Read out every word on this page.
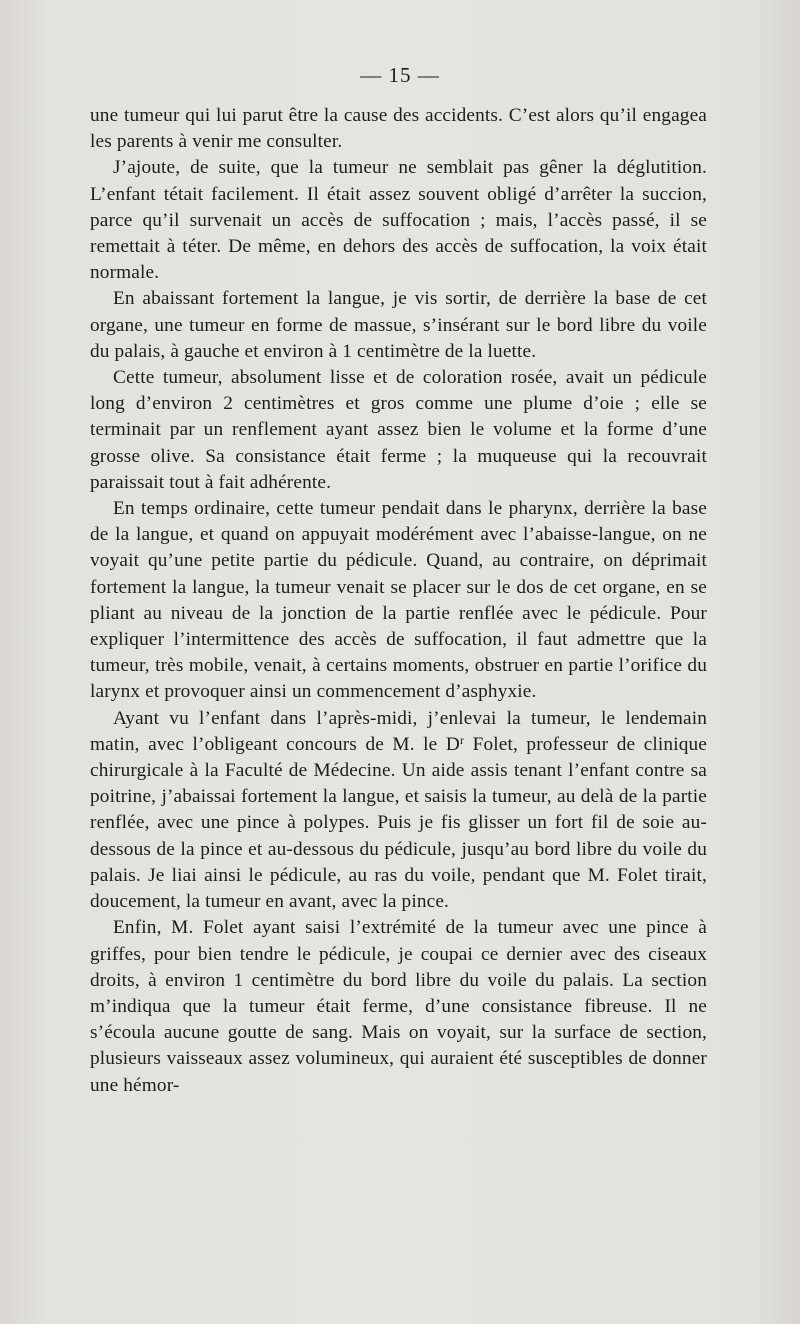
— 15 —

une tumeur qui lui parut être la cause des accidents. C’est alors qu’il engagea les parents à venir me consulter.

J’ajoute, de suite, que la tumeur ne semblait pas gêner la déglutition. L’enfant tétait facilement. Il était assez souvent obligé d’arrêter la succion, parce qu’il survenait un accès de suffocation ; mais, l’accès passé, il se remettait à téter. De même, en dehors des accès de suffocation, la voix était normale.

En abaissant fortement la langue, je vis sortir, de derrière la base de cet organe, une tumeur en forme de massue, s’insérant sur le bord libre du voile du palais, à gauche et environ à 1 centimètre de la luette.

Cette tumeur, absolument lisse et de coloration rosée, avait un pédicule long d’environ 2 centimètres et gros comme une plume d’oie ; elle se terminait par un renflement ayant assez bien le volume et la forme d’une grosse olive. Sa consistance était ferme ; la muqueuse qui la recouvrait paraissait tout à fait adhérente.

En temps ordinaire, cette tumeur pendait dans le pharynx, derrière la base de la langue, et quand on appuyait modérément avec l’abaisse-langue, on ne voyait qu’une petite partie du pédicule. Quand, au contraire, on déprimait fortement la langue, la tumeur venait se placer sur le dos de cet organe, en se pliant au niveau de la jonction de la partie renflée avec le pédicule. Pour expliquer l’intermittence des accès de suffocation, il faut admettre que la tumeur, très mobile, venait, à certains moments, obstruer en partie l’orifice du larynx et provoquer ainsi un commencement d’asphyxie.

Ayant vu l’enfant dans l’après-midi, j’enlevai la tumeur, le lendemain matin, avec l’obligeant concours de M. le $D^r$ Folet, professeur de clinique chirurgicale à la Faculté de Médecine. Un aide assis tenant l’enfant contre sa poitrine, j’abaissai fortement la langue, et saisis la tumeur, au delà de la partie renflée, avec une pince à polypes. Puis je fis glisser un fort fil de soie au-dessous de la pince et au-dessous du pédicule, jusqu’au bord libre du voile du palais. Je liai ainsi le pédicule, au ras du voile, pendant que M. Folet tirait, doucement, la tumeur en avant, avec la pince.

Enfin, M. Folet ayant saisi l’extrémité de la tumeur avec une pince à griffes, pour bien tendre le pédicule, je coupai ce dernier avec des ciseaux droits, à environ 1 centimètre du bord libre du voile du palais. La section m’indiqua que la tumeur était ferme, d’une consistance fibreuse. Il ne s’écoula aucune goutte de sang. Mais on voyait, sur la surface de section, plusieurs vaisseaux assez volumineux, qui auraient été susceptibles de donner une hémor-
